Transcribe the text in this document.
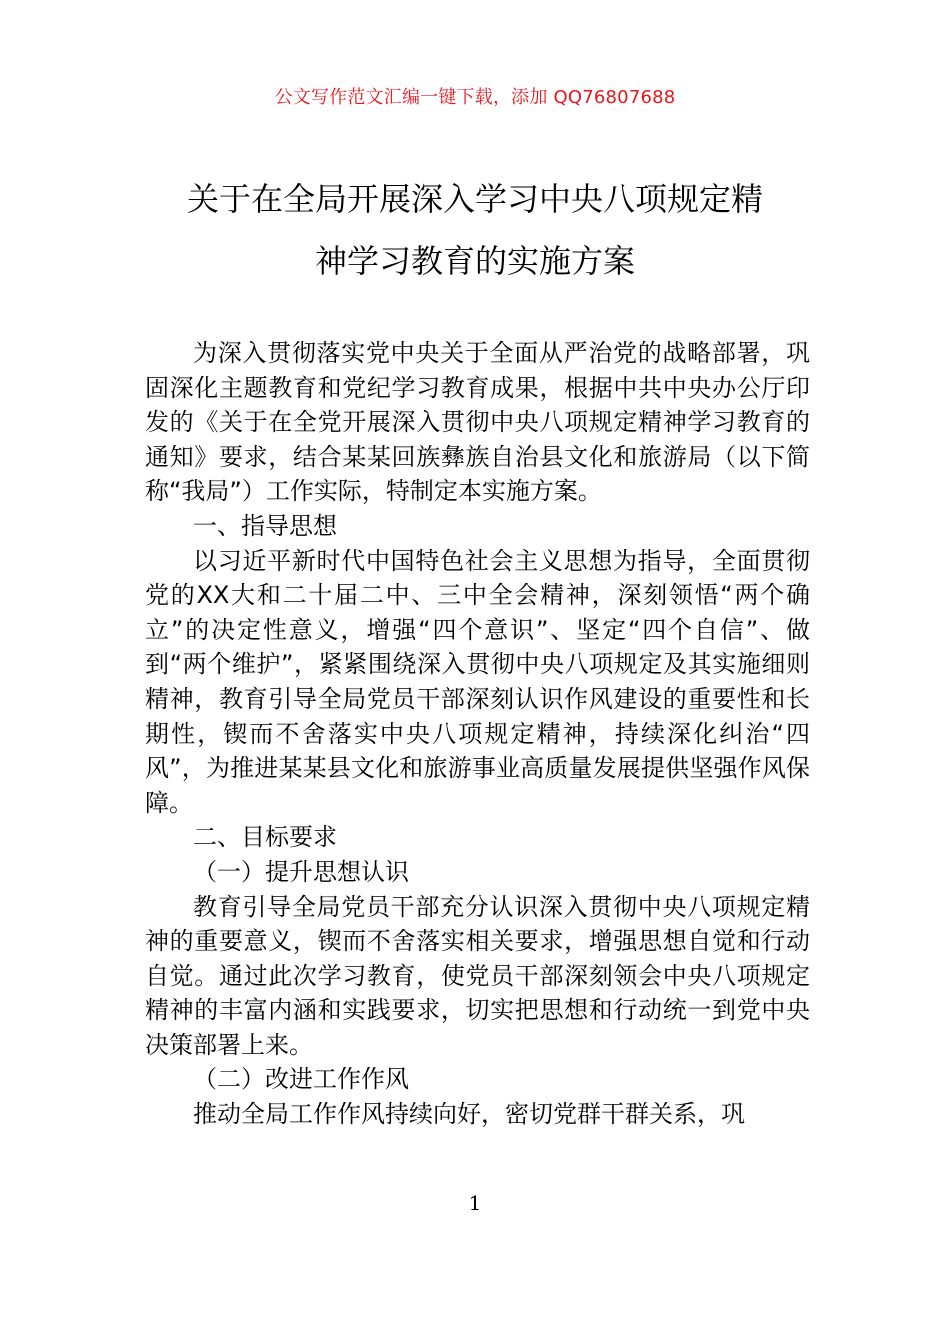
公文写作范文汇编一键下载，添加 QQ76807688
关于在全局开展深入学习中央八项规定精
神学习教育的实施方案

为深入贯彻落实党中央关于全面从严治党的战略部署，巩固深化主题教育和党纪学习教育成果，根据中共中央办公厅印发的《关于在全党开展深入贯彻中央八项规定精神学习教育的通知》要求，结合某某回族彝族自治县文化和旅游局（以下简称“我局”）工作实际，特制定本实施方案。

一、指导思想

以习近平新时代中国特色社会主义思想为指导，全面贯彻党的XX大和二十届二中、三中全会精神，深刻领悟“两个确立”的决定性意义，增强“四个意识”、坚定“四个自信”、做到“两个维护”，紧紧围绕深入贯彻中央八项规定及其实施细则精神，教育引导全局党员干部深刻认识作风建设的重要性和长期性，锲而不舍落实中央八项规定精神，持续深化纠治“四风”，为推进某某县文化和旅游事业高质量发展提供坚强作风保障。

二、目标要求

（一）提升思想认识

教育引导全局党员干部充分认识深入贯彻中央八项规定精神的重要意义，锲而不舍落实相关要求，增强思想自觉和行动自觉。通过此次学习教育，使党员干部深刻领会中央八项规定精神的丰富内涵和实践要求，切实把思想和行动统一到党中央决策部署上来。

（二）改进工作作风

推动全局工作作风持续向好，密切党群干群关系，巩

1
